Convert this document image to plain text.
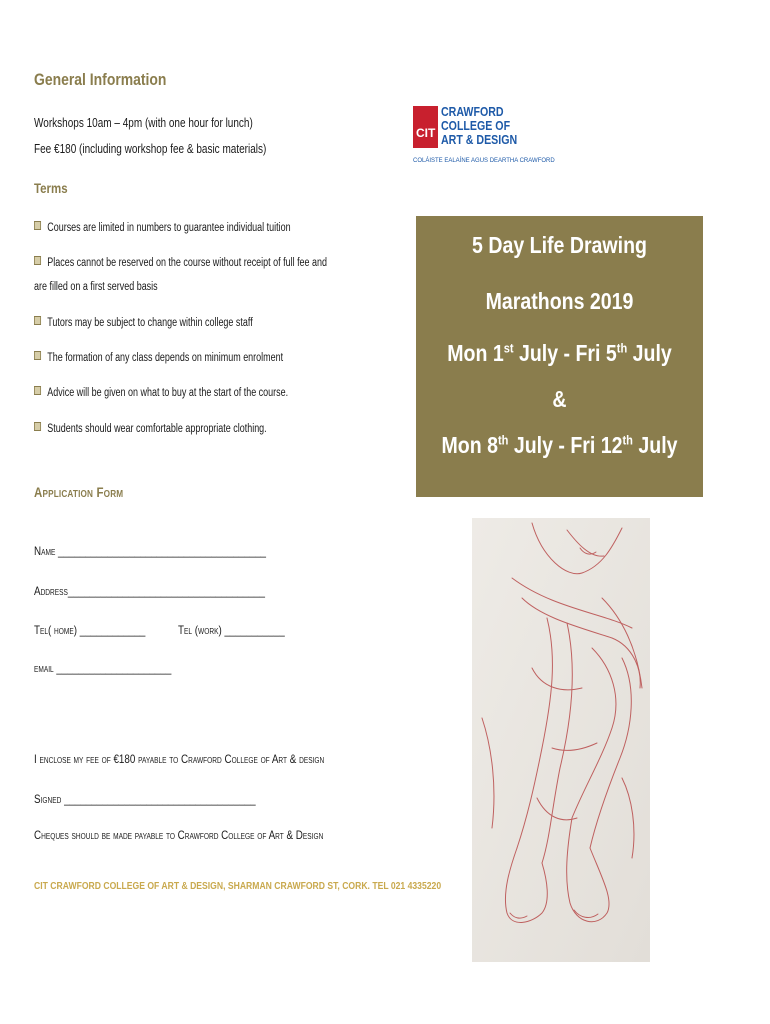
General Information
Workshops 10am – 4pm (with one hour for lunch)
Fee €180 (including workshop fee & basic materials)
Terms
Courses are limited in numbers to guarantee individual tuition
Places cannot be reserved on the course without receipt of full fee and
are filled on a first served basis
Tutors may be subject to change within college staff
The formation of any class depends on minimum enrolment
Advice will be given on what to buy at the start of the course.
Students should wear comfortable appropriate clothing.
Application Form
Name ______________________________________
Address____________________________________
Tel( home) ____________	Tel (work) ___________
email _____________________
I enclose my fee of €180 payable to Crawford College of Art & design
Signed ___________________________________
Cheques should be made payable to Crawford College of Art & Design
CIT CRAWFORD COLLEGE OF ART & DESIGN, SHARMAN CRAWFORD ST, CORK. TEL 021 4335220
CIT
CRAWFORD
COLLEGE OF
ART & DESIGN
COLÁISTE EALAÍNE AGUS DEARTHA CRAWFORD
5 Day Life Drawing
Marathons 2019
Mon 1st July - Fri 5th July
&
Mon 8th July - Fri 12th July
